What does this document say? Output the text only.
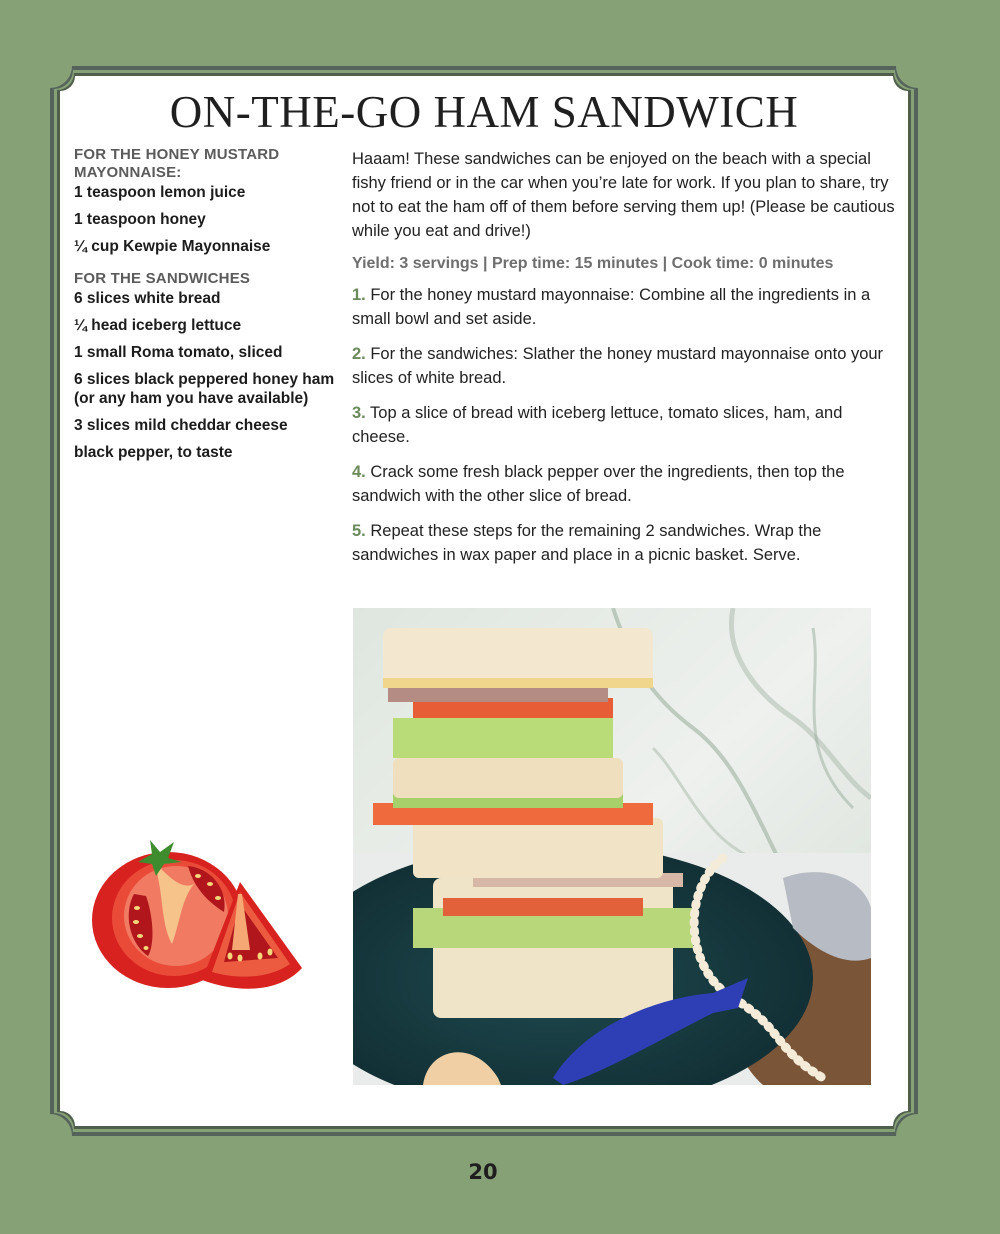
ON-THE-GO HAM SANDWICH
FOR THE HONEY MUSTARD MAYONNAISE:
1 teaspoon lemon juice
1 teaspoon honey
¼ cup Kewpie Mayonnaise
FOR THE SANDWICHES
6 slices white bread
¼ head iceberg lettuce
1 small Roma tomato, sliced
6 slices black peppered honey ham (or any ham you have available)
3 slices mild cheddar cheese
black pepper, to taste

Haaam! These sandwiches can be enjoyed on the beach with a special fishy friend or in the car when you’re late for work. If you plan to share, try not to eat the ham off of them before serving them up! (Please be cautious while you eat and drive!)

Yield: 3 servings | Prep time: 15 minutes | Cook time: 0 minutes

1. For the honey mustard mayonnaise: Combine all the ingredients in a small bowl and set aside.

2. For the sandwiches: Slather the honey mustard mayonnaise onto your slices of white bread.

3. Top a slice of bread with iceberg lettuce, tomato slices, ham, and cheese.

4. Crack some fresh black pepper over the ingredients, then top the sandwich with the other slice of bread.

5. Repeat these steps for the remaining 2 sandwiches. Wrap the sandwiches in wax paper and place in a picnic basket. Serve.

20
